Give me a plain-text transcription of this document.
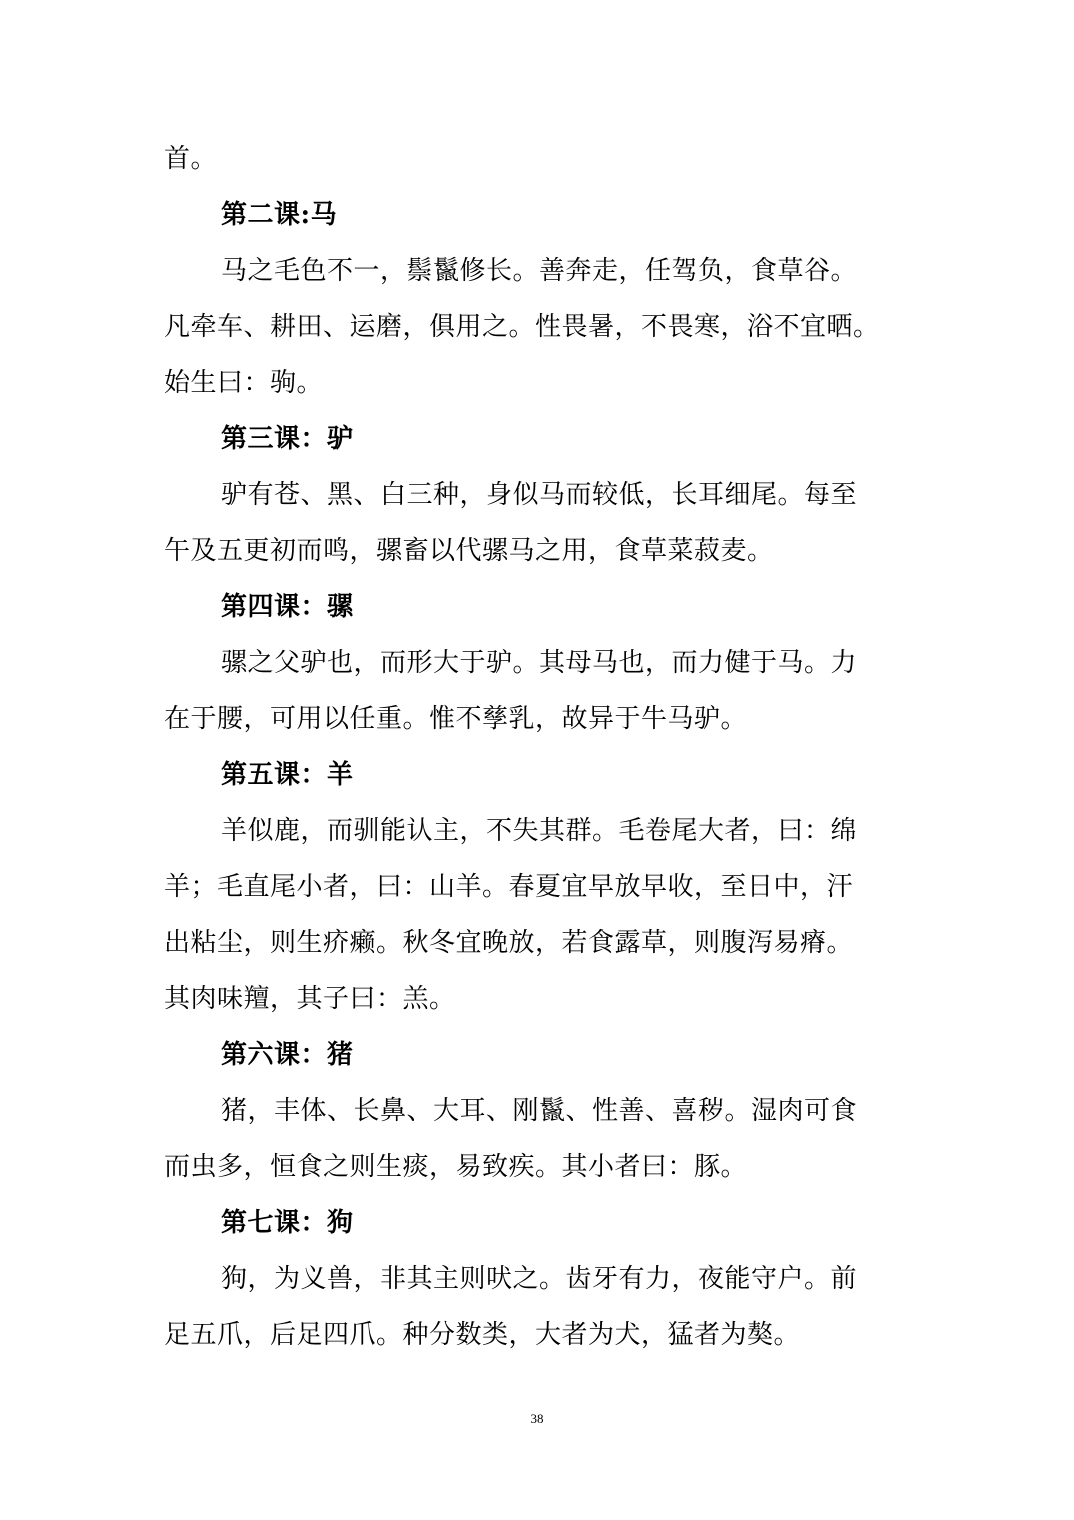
首。
第二课:马
马之毛色不一，鬃鬣修长。善奔走，任驾负，食草谷。
凡牵车、耕田、运磨，俱用之。性畏暑，不畏寒，浴不宜晒。
始生曰：驹。
第三课：驴
驴有苍、黑、白三种，身似马而较低，长耳细尾。每至
午及五更初而鸣，骡畜以代骡马之用，食草菜菽麦。
第四课：骡
骡之父驴也，而形大于驴。其母马也，而力健于马。力
在于腰，可用以任重。惟不孳乳，故异于牛马驴。
第五课：羊
羊似鹿，而驯能认主，不失其群。毛卷尾大者，曰：绵
羊；毛直尾小者，曰：山羊。春夏宜早放早收，至日中，汗
出粘尘，则生疥癞。秋冬宜晚放，若食露草，则腹泻易瘠。
其肉味羶，其子曰：羔。
第六课：猪
猪，丰体、长鼻、大耳、刚鬣、性善、喜秽。湿肉可食
而虫多，恒食之则生痰，易致疾。其小者曰：豚。
第七课：狗
狗，为义兽，非其主则吠之。齿牙有力，夜能守户。前
足五爪，后足四爪。种分数类，大者为犬，猛者为獒。
38
